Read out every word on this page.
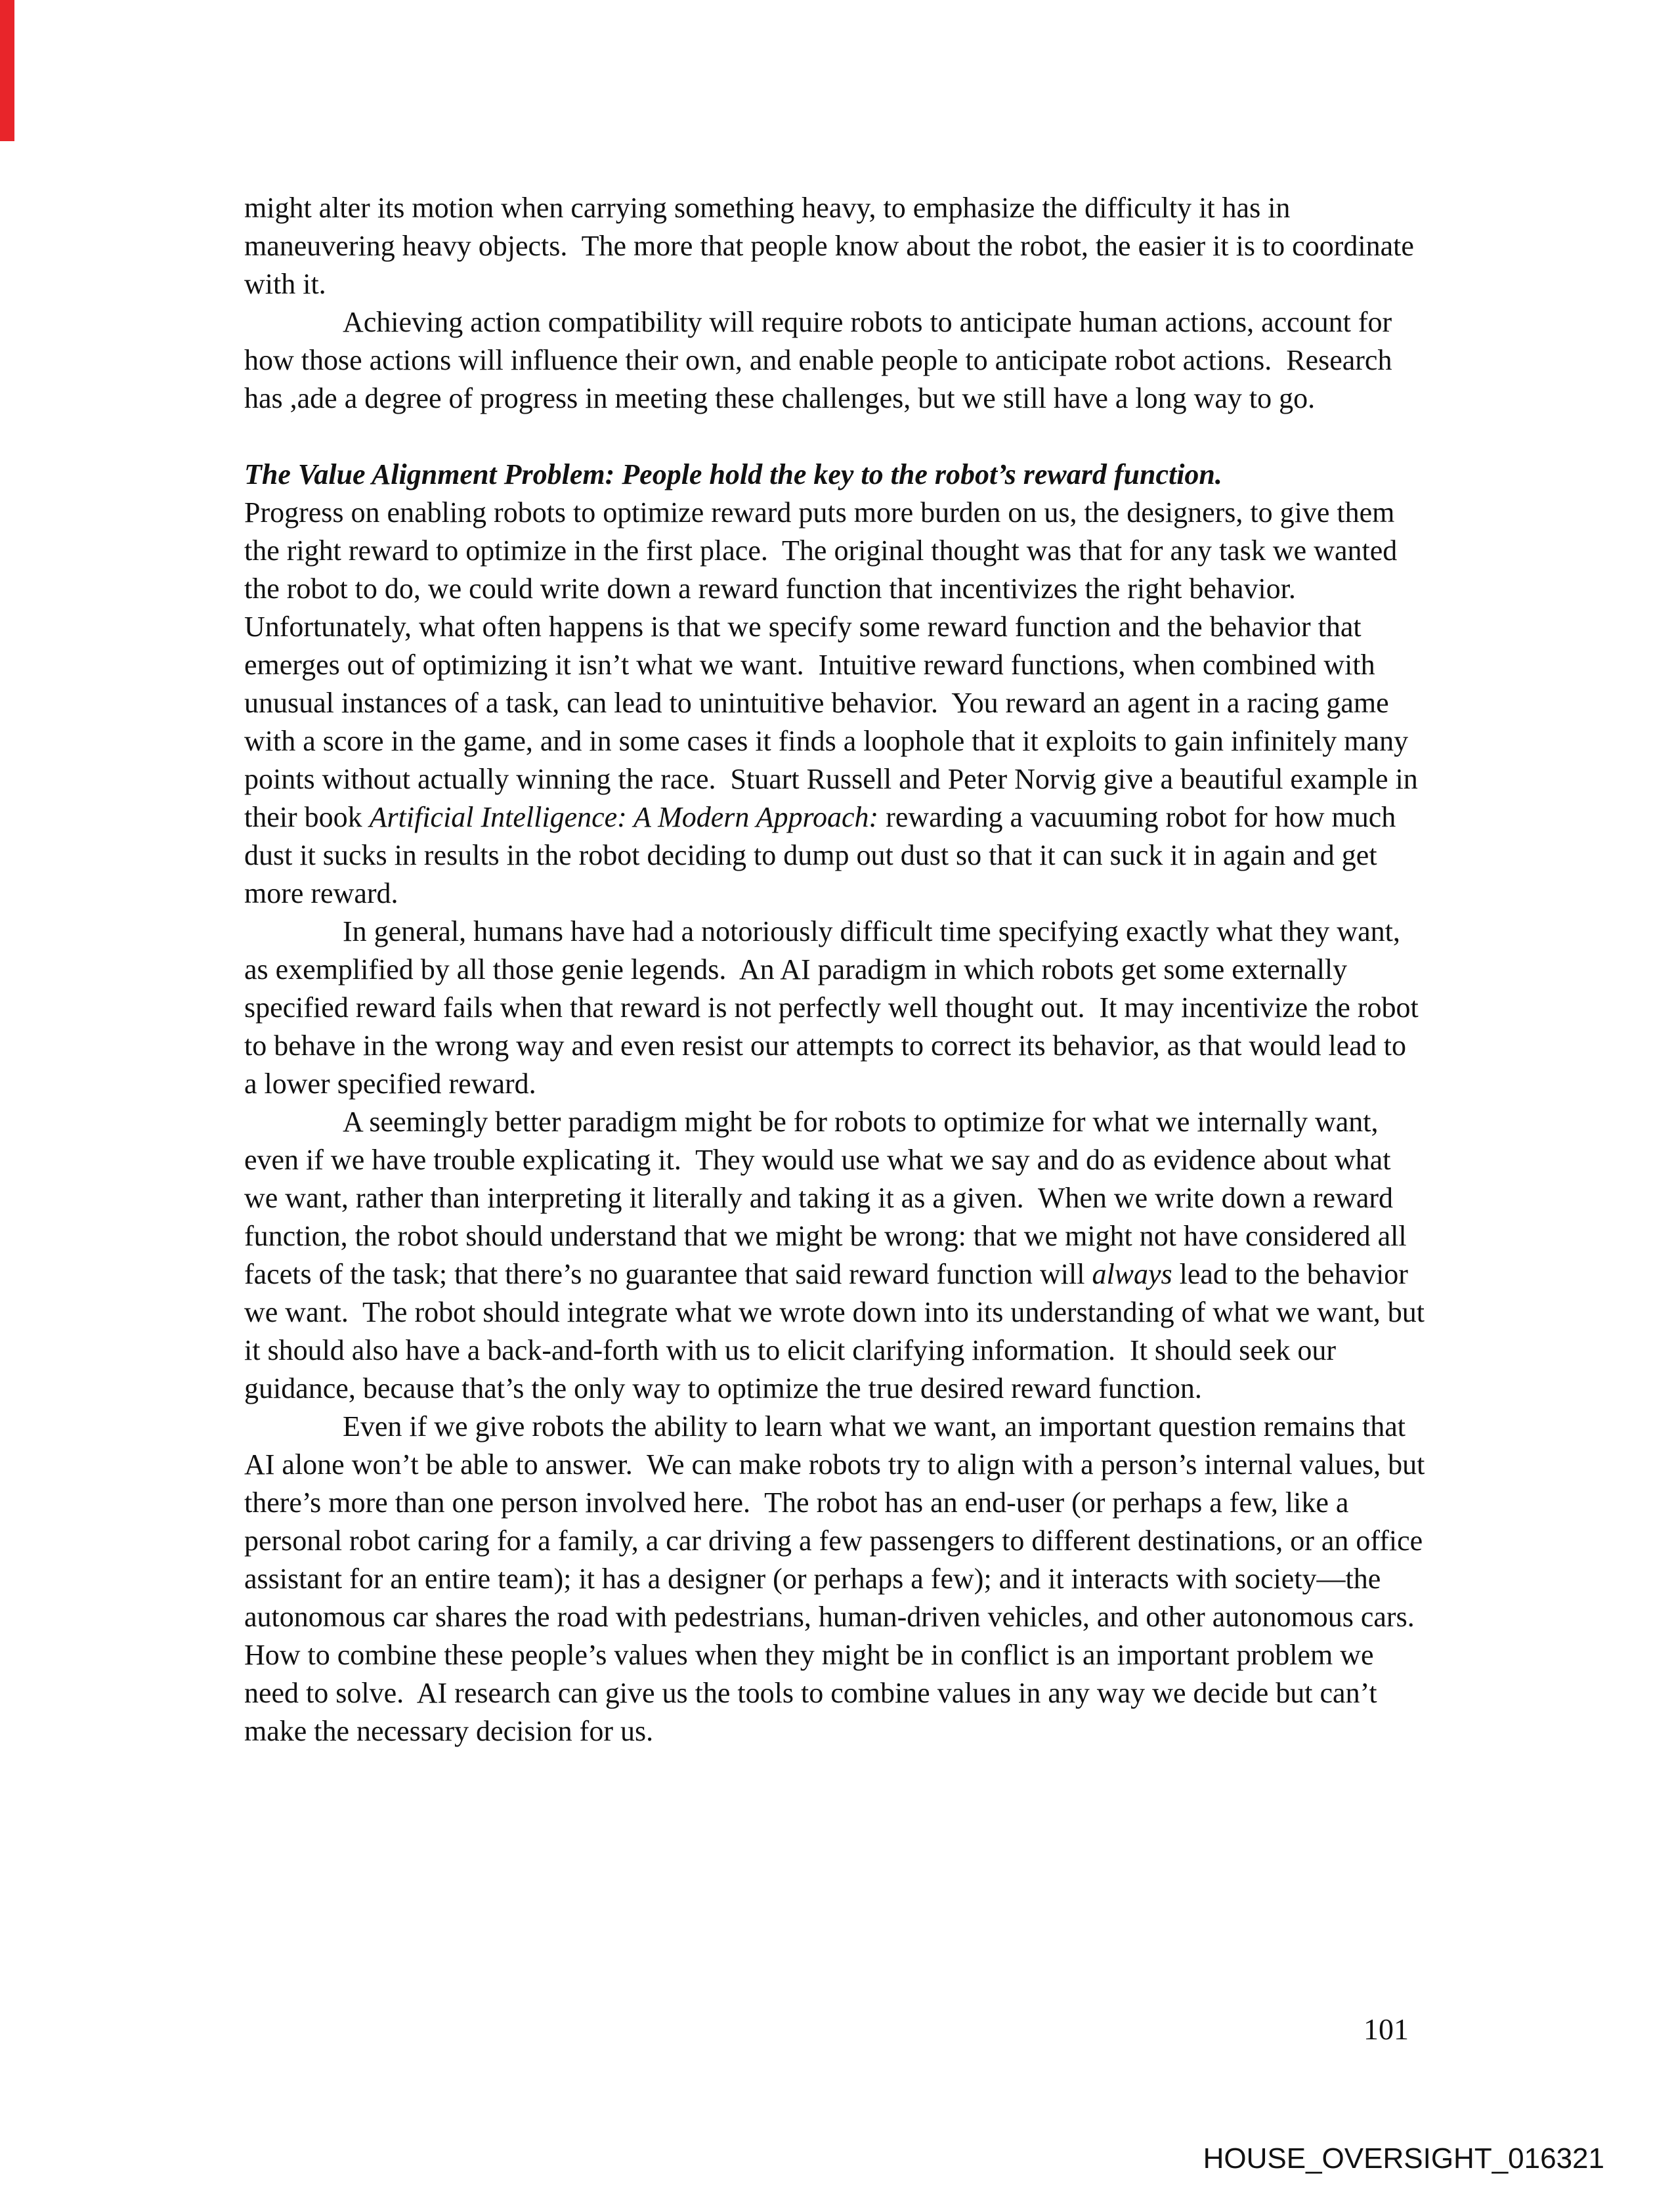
might alter its motion when carrying something heavy, to emphasize the difficulty it has in maneuvering heavy objects.  The more that people know about the robot, the easier it is to coordinate with it.

Achieving action compatibility will require robots to anticipate human actions, account for how those actions will influence their own, and enable people to anticipate robot actions.  Research has ,ade a degree of progress in meeting these challenges, but we still have a long way to go.

The Value Alignment Problem: People hold the key to the robot’s reward function.

Progress on enabling robots to optimize reward puts more burden on us, the designers, to give them the right reward to optimize in the first place.  The original thought was that for any task we wanted the robot to do, we could write down a reward function that incentivizes the right behavior.  Unfortunately, what often happens is that we specify some reward function and the behavior that emerges out of optimizing it isn’t what we want.  Intuitive reward functions, when combined with unusual instances of a task, can lead to unintuitive behavior.  You reward an agent in a racing game with a score in the game, and in some cases it finds a loophole that it exploits to gain infinitely many points without actually winning the race.  Stuart Russell and Peter Norvig give a beautiful example in their book Artificial Intelligence: A Modern Approach: rewarding a vacuuming robot for how much dust it sucks in results in the robot deciding to dump out dust so that it can suck it in again and get more reward.

In general, humans have had a notoriously difficult time specifying exactly what they want, as exemplified by all those genie legends.  An AI paradigm in which robots get some externally specified reward fails when that reward is not perfectly well thought out.  It may incentivize the robot to behave in the wrong way and even resist our attempts to correct its behavior, as that would lead to a lower specified reward.

A seemingly better paradigm might be for robots to optimize for what we internally want, even if we have trouble explicating it.  They would use what we say and do as evidence about what we want, rather than interpreting it literally and taking it as a given.  When we write down a reward function, the robot should understand that we might be wrong: that we might not have considered all facets of the task; that there’s no guarantee that said reward function will always lead to the behavior we want.  The robot should integrate what we wrote down into its understanding of what we want, but it should also have a back-and-forth with us to elicit clarifying information.  It should seek our guidance, because that’s the only way to optimize the true desired reward function.

Even if we give robots the ability to learn what we want, an important question remains that AI alone won’t be able to answer.  We can make robots try to align with a person’s internal values, but there’s more than one person involved here.  The robot has an end-user (or perhaps a few, like a personal robot caring for a family, a car driving a few passengers to different destinations, or an office assistant for an entire team); it has a designer (or perhaps a few); and it interacts with society—the autonomous car shares the road with pedestrians, human-driven vehicles, and other autonomous cars.  How to combine these people’s values when they might be in conflict is an important problem we need to solve.  AI research can give us the tools to combine values in any way we decide but can’t make the necessary decision for us.

101
HOUSE_OVERSIGHT_016321
